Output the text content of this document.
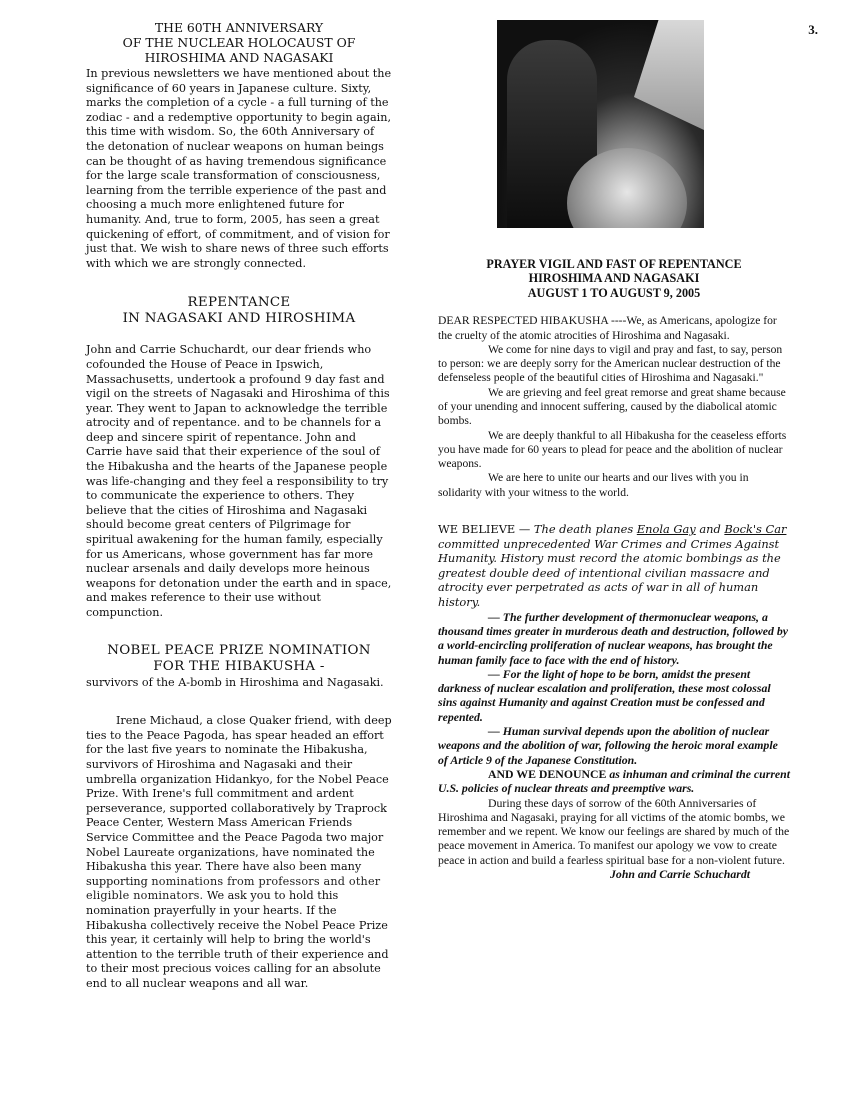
3.
THE 60TH ANNIVERSARY
OF THE NUCLEAR HOLOCAUST OF
HIROSHIMA AND NAGASAKI

In previous newsletters we have mentioned about the significance of 60 years in Japanese culture. Sixty, marks the completion of a cycle - a full turning of the zodiac - and a redemptive opportunity to begin again, this time with wisdom. So, the 60th Anniversary of the detonation of nuclear weapons on human beings can be thought of as having tremendous significance for the large scale transformation of consciousness, learning from the terrible experience of the past and choosing a much more enlightened future for humanity. And, true to form, 2005, has seen a great quickening of effort, of commitment, and of vision for just that. We wish to share news of three such efforts with which we are strongly connected.

REPENTANCE
IN NAGASAKI AND HIROSHIMA

John and Carrie Schuchardt, our dear friends who cofounded the House of Peace in Ipswich, Massachusetts, undertook a profound 9 day fast and vigil on the streets of Nagasaki and Hiroshima of this year. They went to Japan to acknowledge the terrible atrocity and of repentance. and to be channels for a deep and sincere spirit of repentance. John and Carrie have said that their experience of the soul of the Hibakusha and the hearts of the Japanese people was life-changing and they feel a responsibility to try to communicate the experience to others. They believe that the cities of Hiroshima and Nagasaki should become great centers of Pilgrimage for spiritual awakening for the human family, especially for us Americans, whose government has far more nuclear arsenals and daily develops more heinous weapons for detonation under the earth and in space, and makes reference to their use without compunction.

NOBEL PEACE PRIZE NOMINATION
FOR THE HIBAKUSHA -
survivors of the A-bomb in Hiroshima and Nagasaki.

Irene Michaud, a close Quaker friend, with deep ties to the Peace Pagoda, has spear headed an effort for the last five years to nominate the Hibakusha, survivors of Hiroshima and Nagasaki and their umbrella organization Hidankyo, for the Nobel Peace Prize. With Irene's full commitment and ardent perseverance, supported collaboratively by Traprock Peace Center, Western Mass American Friends Service Committee and the Peace Pagoda two major Nobel Laureate organizations, have nominated the Hibakusha this year. There have also been many supporting nominations from professors and other eligible nominators. We ask you to hold this nomination prayerfully in your hearts. If the Hibakusha collectively receive the Nobel Peace Prize this year, it certainly will help to bring the world's attention to the terrible truth of their experience and to their most precious voices calling for an absolute end to all nuclear weapons and all war.

PRAYER VIGIL AND FAST OF REPENTANCE
HIROSHIMA AND NAGASAKI
AUGUST 1 TO AUGUST 9, 2005

DEAR RESPECTED HIBAKUSHA ----We, as Americans, apologize for the cruelty of the atomic atrocities of Hiroshima and Nagasaki.

We come for nine days to vigil and pray and fast, to say, person to person: we are deeply sorry for the American nuclear destruction of the defenseless people of the beautiful cities of Hiroshima and Nagasaki."

We are grieving and feel great remorse and great shame because of your unending and innocent suffering, caused by the diabolical atomic bombs.

We are deeply thankful to all Hibakusha for the ceaseless efforts you have made for 60 years to plead for peace and the abolition of nuclear weapons.

We are here to unite our hearts and our lives with you in solidarity with your witness to the world.

WE BELIEVE — The death planes Enola Gay and Bock's Car committed unprecedented War Crimes and Crimes Against Humanity. History must record the atomic bombings as the greatest double deed of intentional civilian massacre and atrocity ever perpetrated as acts of war in all of human history.

— The further development of thermonuclear weapons, a thousand times greater in murderous death and destruction, followed by a world-encircling proliferation of nuclear weapons, has brought the human family face to face with the end of history.

— For the light of hope to be born, amidst the present darkness of nuclear escalation and proliferation, these most colossal sins against Humanity and against Creation must be confessed and repented.

— Human survival depends upon the abolition of nuclear weapons and the abolition of war, following the heroic moral example of Article 9 of the Japanese Constitution.

AND WE DENOUNCE as inhuman and criminal the current U.S. policies of nuclear threats and preemptive wars.

During these days of sorrow of the 60th Anniversaries of Hiroshima and Nagasaki, praying for all victims of the atomic bombs, we remember and we repent. We know our feelings are shared by much of the peace movement in America. To manifest our apology we vow to create peace in action and build a fearless spiritual base for a non-violent future.

John and Carrie Schuchardt
